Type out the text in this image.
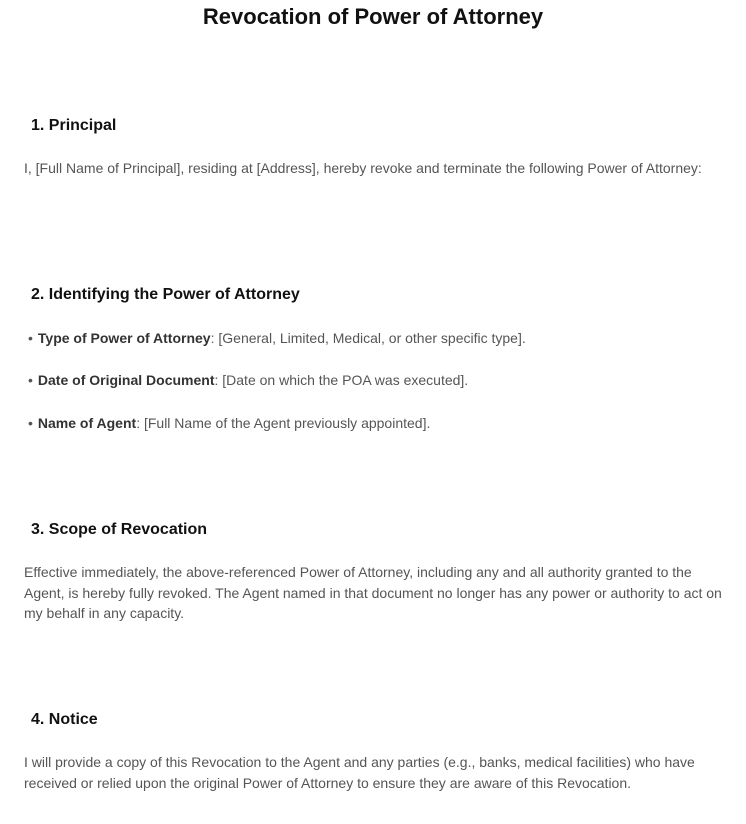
Revocation of Power of Attorney
1. Principal

I, [Full Name of Principal], residing at [Address], hereby revoke and terminate the following Power of Attorney:

2. Identifying the Power of Attorney
• Type of Power of Attorney: [General, Limited, Medical, or other specific type].
• Date of Original Document: [Date on which the POA was executed].
• Name of Agent: [Full Name of the Agent previously appointed].
3. Scope of Revocation

Effective immediately, the above-referenced Power of Attorney, including any and all authority granted to the Agent, is hereby fully revoked. The Agent named in that document no longer has any power or authority to act on my behalf in any capacity.

4. Notice

I will provide a copy of this Revocation to the Agent and any parties (e.g., banks, medical facilities) who have received or relied upon the original Power of Attorney to ensure they are aware of this Revocation.
